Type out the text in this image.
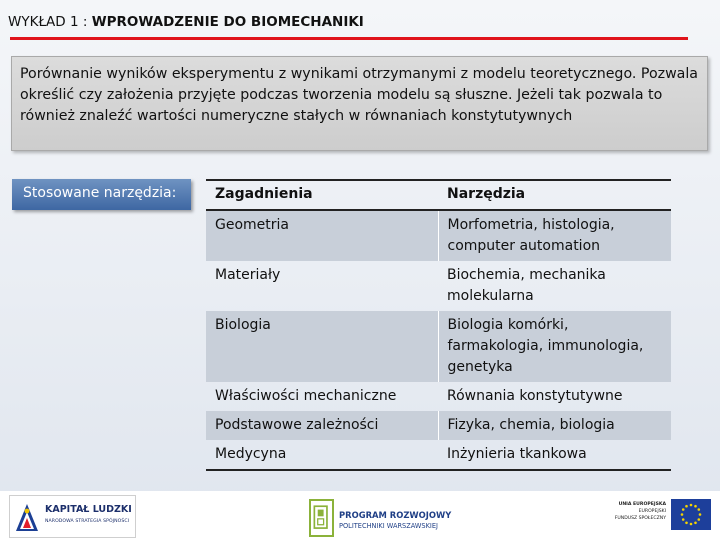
WYKŁAD 1 : WPROWADZENIE DO BIOMECHANIKI
Porównanie wyników eksperymentu z wynikami otrzymanymi z modelu teoretycznego. Pozwala określić czy założenia przyjęte podczas tworzenia modelu są słuszne. Jeżeli tak pozwala to również znaleźć wartości numeryczne stałych w równaniach konstytutywnych
Stosowane narzędzia:	Zagadnienia	Narzędzia
Geometria	Morfometria, histologia, computer automation
Materiały	Biochemia, mechanika molekularna
Biologia	Biologia komórki, farmakologia, immunologia, genetyka
Właściwości mechaniczne	Równania konstytutywne
Podstawowe zależności	Fizyka, chemia, biologia
Medycyna	Inżynieria tkankowa
KAPITAŁ LUDZKI
NARODOWA STRATEGIA SPÓJNOŚCI
PROGRAM ROZWOJOWY
POLITECHNIKI WARSZAWSKIEJ
UNIA EUROPEJSKA
EUROPEJSKI
FUNDUSZ SPOŁECZNY
